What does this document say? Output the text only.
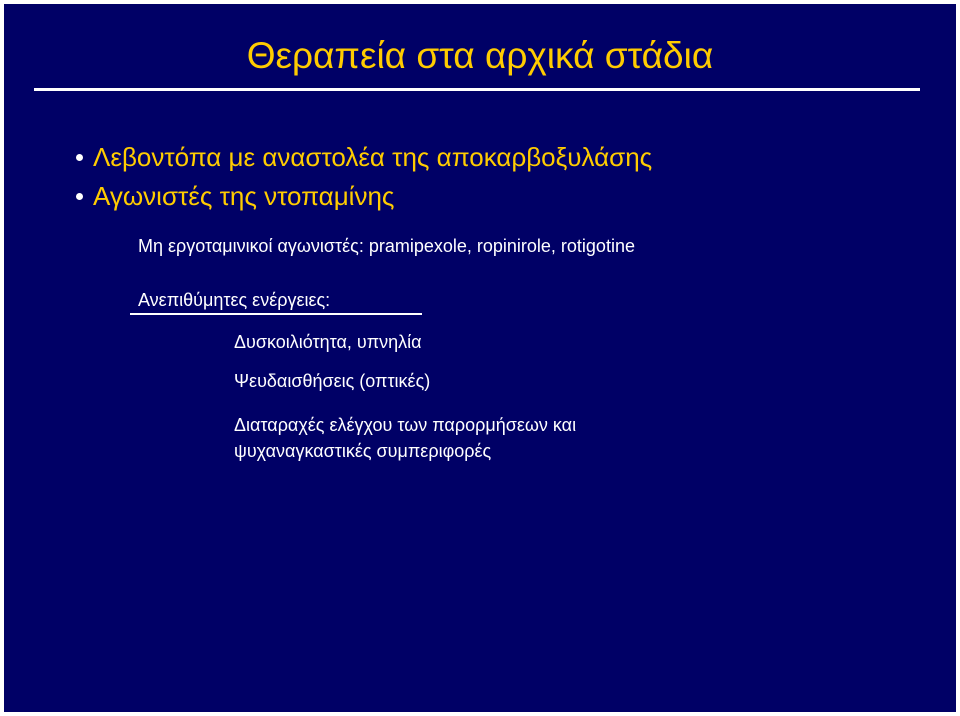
Θεραπεία στα αρχικά στάδια
Λεβοντόπα με αναστολέα της αποκαρβοξυλάσης
Αγωνιστές της ντοπαμίνης
Μη εργοταμινικοί αγωνιστές: pramipexole, ropinirole, rotigotine
Ανεπιθύμητες ενέργειες:
Δυσκοιλιότητα, υπνηλία
Ψευδαισθήσεις (οπτικές)
Διαταραχές ελέγχου των παρορμήσεων και ψυχαναγκαστικές συμπεριφορές
